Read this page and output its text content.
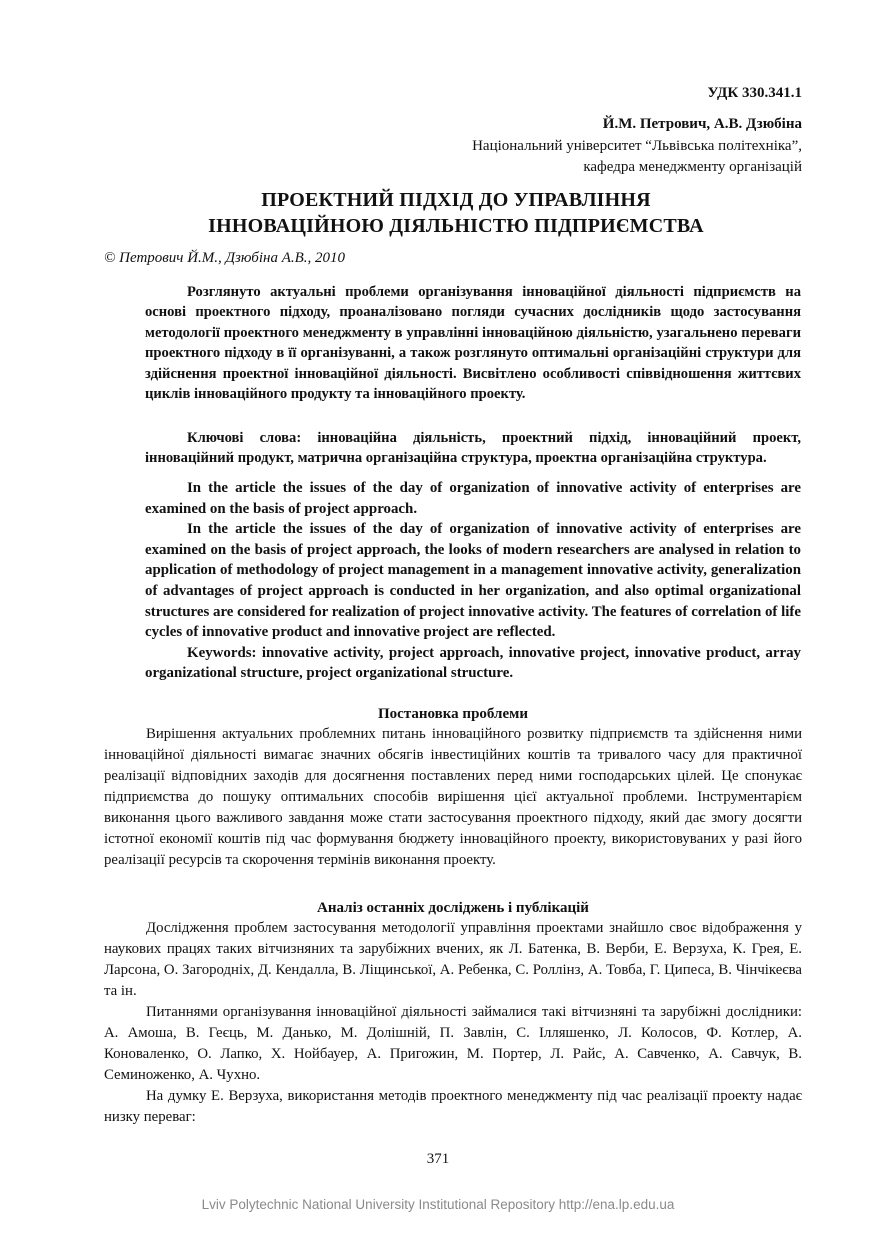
УДК 330.341.1
Й.М. Петрович, А.В. Дзюбіна
Національний університет “Львівська політехніка”,
кафедра менеджменту організацій
ПРОЕКТНИЙ ПІДХІД ДО УПРАВЛІННЯ
ІННОВАЦІЙНОЮ ДІЯЛЬНІСТЮ ПІДПРИЄМСТВА
© Петрович Й.М., Дзюбіна А.В., 2010

Розглянуто актуальні проблеми організування інноваційної діяльності підприємств на основі проектного підходу, проаналізовано погляди сучасних дослідників щодо застосування методології проектного менеджменту в управлінні інноваційною діяльністю, узагальнено переваги проектного підходу в її організуванні, а також розглянуто оптимальні організаційні структури для здійснення проектної інноваційної діяльності. Висвітлено особливості співвідношення життєвих циклів інноваційного продукту та інноваційного проекту.

Ключові слова: інноваційна діяльність, проектний підхід, інноваційний проект, інноваційний продукт, матрична організаційна структура, проектна організаційна структура.

In the article the issues of the day of organization of innovative activity of enterprises are examined on the basis of project approach.

In the article the issues of the day of organization of innovative activity of enterprises are examined on the basis of project approach, the looks of modern researchers are analysed in relation to application of methodology of project management in a management innovative activity, generalization of advantages of project approach is conducted in her organization, and also optimal organizational structures are considered for realization of project innovative activity. The features of correlation of life cycles of innovative product and innovative project are reflected.

Keywords: innovative activity, project approach, innovative project, innovative product, array organizational structure, project organizational structure.

Постановка проблеми

Вирішення актуальних проблемних питань інноваційного розвитку підприємств та здійснення ними інноваційної діяльності вимагає значних обсягів інвестиційних коштів та тривалого часу для практичної реалізації відповідних заходів для досягнення поставлених перед ними господарських цілей. Це спонукає підприємства до пошуку оптимальних способів вирішення цієї актуальної проблеми. Інструментарієм виконання цього важливого завдання може стати застосування проектного підходу, який дає змогу досягти істотної економії коштів під час формування бюджету інноваційного проекту, використовуваних у разі його реалізації ресурсів та скорочення термінів виконання проекту.

Аналіз останніх досліджень і публікацій

Дослідження проблем застосування методології управління проектами знайшло своє відображення у наукових працях таких вітчизняних та зарубіжних вчених, як Л. Батенка, В. Верби, Е. Верзуха, К. Грея, Е. Ларсона, О. Загородніх, Д. Кендалла, В. Ліщинської, А. Ребенка, С. Роллінз, А. Товба, Г. Ципеса, В. Чінчікеєва та ін.

Питаннями організування інноваційної діяльності займалися такі вітчизняні та зарубіжні дослідники: А. Амоша, В. Геєць, М. Данько, М. Долішній, П. Завлін, С. Ілляшенко, Л. Колосов, Ф. Котлер, А. Коноваленко, О. Лапко, Х. Нойбауер, А. Пригожин, М. Портер, Л. Райс, А. Савченко, А. Савчук, В. Семиноженко, А. Чухно.

На думку Е. Верзуха, використання методів проектного менеджменту під час реалізації проекту надає низку переваг:

371
Lviv Polytechnic National University Institutional Repository http://ena.lp.edu.ua
